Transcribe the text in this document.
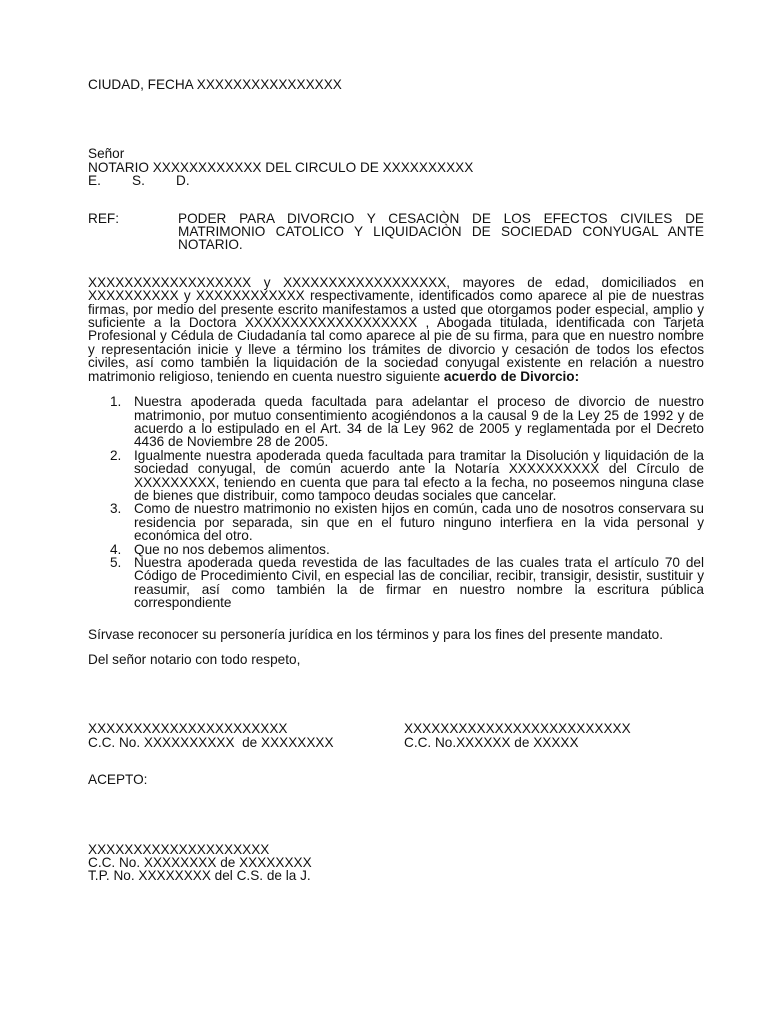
CIUDAD, FECHA XXXXXXXXXXXXXXXX
Señor
NOTARIO XXXXXXXXXXXX DEL CIRCULO DE XXXXXXXXXX
E.	S.	D.
REF:	PODER PARA DIVORCIO Y CESACIÒN DE LOS EFECTOS CIVILES DE MATRIMONIO CATOLICO Y LIQUIDACIÒN DE SOCIEDAD CONYUGAL ANTE NOTARIO.
XXXXXXXXXXXXXXXXXX y XXXXXXXXXXXXXXXXXX, mayores de edad, domiciliados en XXXXXXXXXX y XXXXXXXXXXXX respectivamente, identificados como aparece al pie de nuestras firmas, por medio del presente escrito manifestamos a usted que otorgamos poder especial, amplio y suficiente a la Doctora XXXXXXXXXXXXXXXXXXX , Abogada titulada, identificada con Tarjeta Profesional y Cédula de Ciudadanía tal como aparece al pie de su firma, para que en nuestro nombre y representación inicie y lleve a término los trámites de divorcio y cesación de todos los efectos civiles, así como también la liquidación de la sociedad conyugal existente en relación a nuestro matrimonio religioso, teniendo en cuenta nuestro siguiente acuerdo de Divorcio:
1. Nuestra apoderada queda facultada para adelantar el proceso de divorcio de nuestro matrimonio, por mutuo consentimiento acogiéndonos a la causal 9 de la Ley 25 de 1992 y de acuerdo a lo estipulado en el Art. 34 de la Ley 962 de 2005 y reglamentada por el Decreto 4436 de Noviembre 28 de 2005.
2. Igualmente nuestra apoderada queda facultada para tramitar la Disolución y liquidación de la sociedad conyugal, de común acuerdo ante la Notaría XXXXXXXXXX del Círculo de XXXXXXXXX, teniendo en cuenta que para tal efecto a la fecha, no poseemos ninguna clase de bienes que distribuir, como tampoco deudas sociales que cancelar.
3. Como de nuestro matrimonio no existen hijos en común, cada uno de nosotros conservara su residencia por separada, sin que en el futuro ninguno interfiera en la vida personal y económica del otro.
4. Que no nos debemos alimentos.
5. Nuestra apoderada queda revestida de las facultades de las cuales trata el artículo 70 del Código de Procedimiento Civil, en especial las de conciliar, recibir, transigir, desistir, sustituir y reasumir, así como también la de firmar en nuestro nombre la escritura pública correspondiente
Sírvase reconocer su personería jurídica en los términos y para los fines del presente mandato.
Del señor notario con todo respeto,
XXXXXXXXXXXXXXXXXXXXXX
C.C. No. XXXXXXXXXX  de XXXXXXXX
XXXXXXXXXXXXXXXXXXXXXXXXX
C.C. No.XXXXXX de XXXXX
ACEPTO:
XXXXXXXXXXXXXXXXXXXX
C.C. No. XXXXXXXX de XXXXXXXX
T.P. No. XXXXXXXX del C.S. de la J.
